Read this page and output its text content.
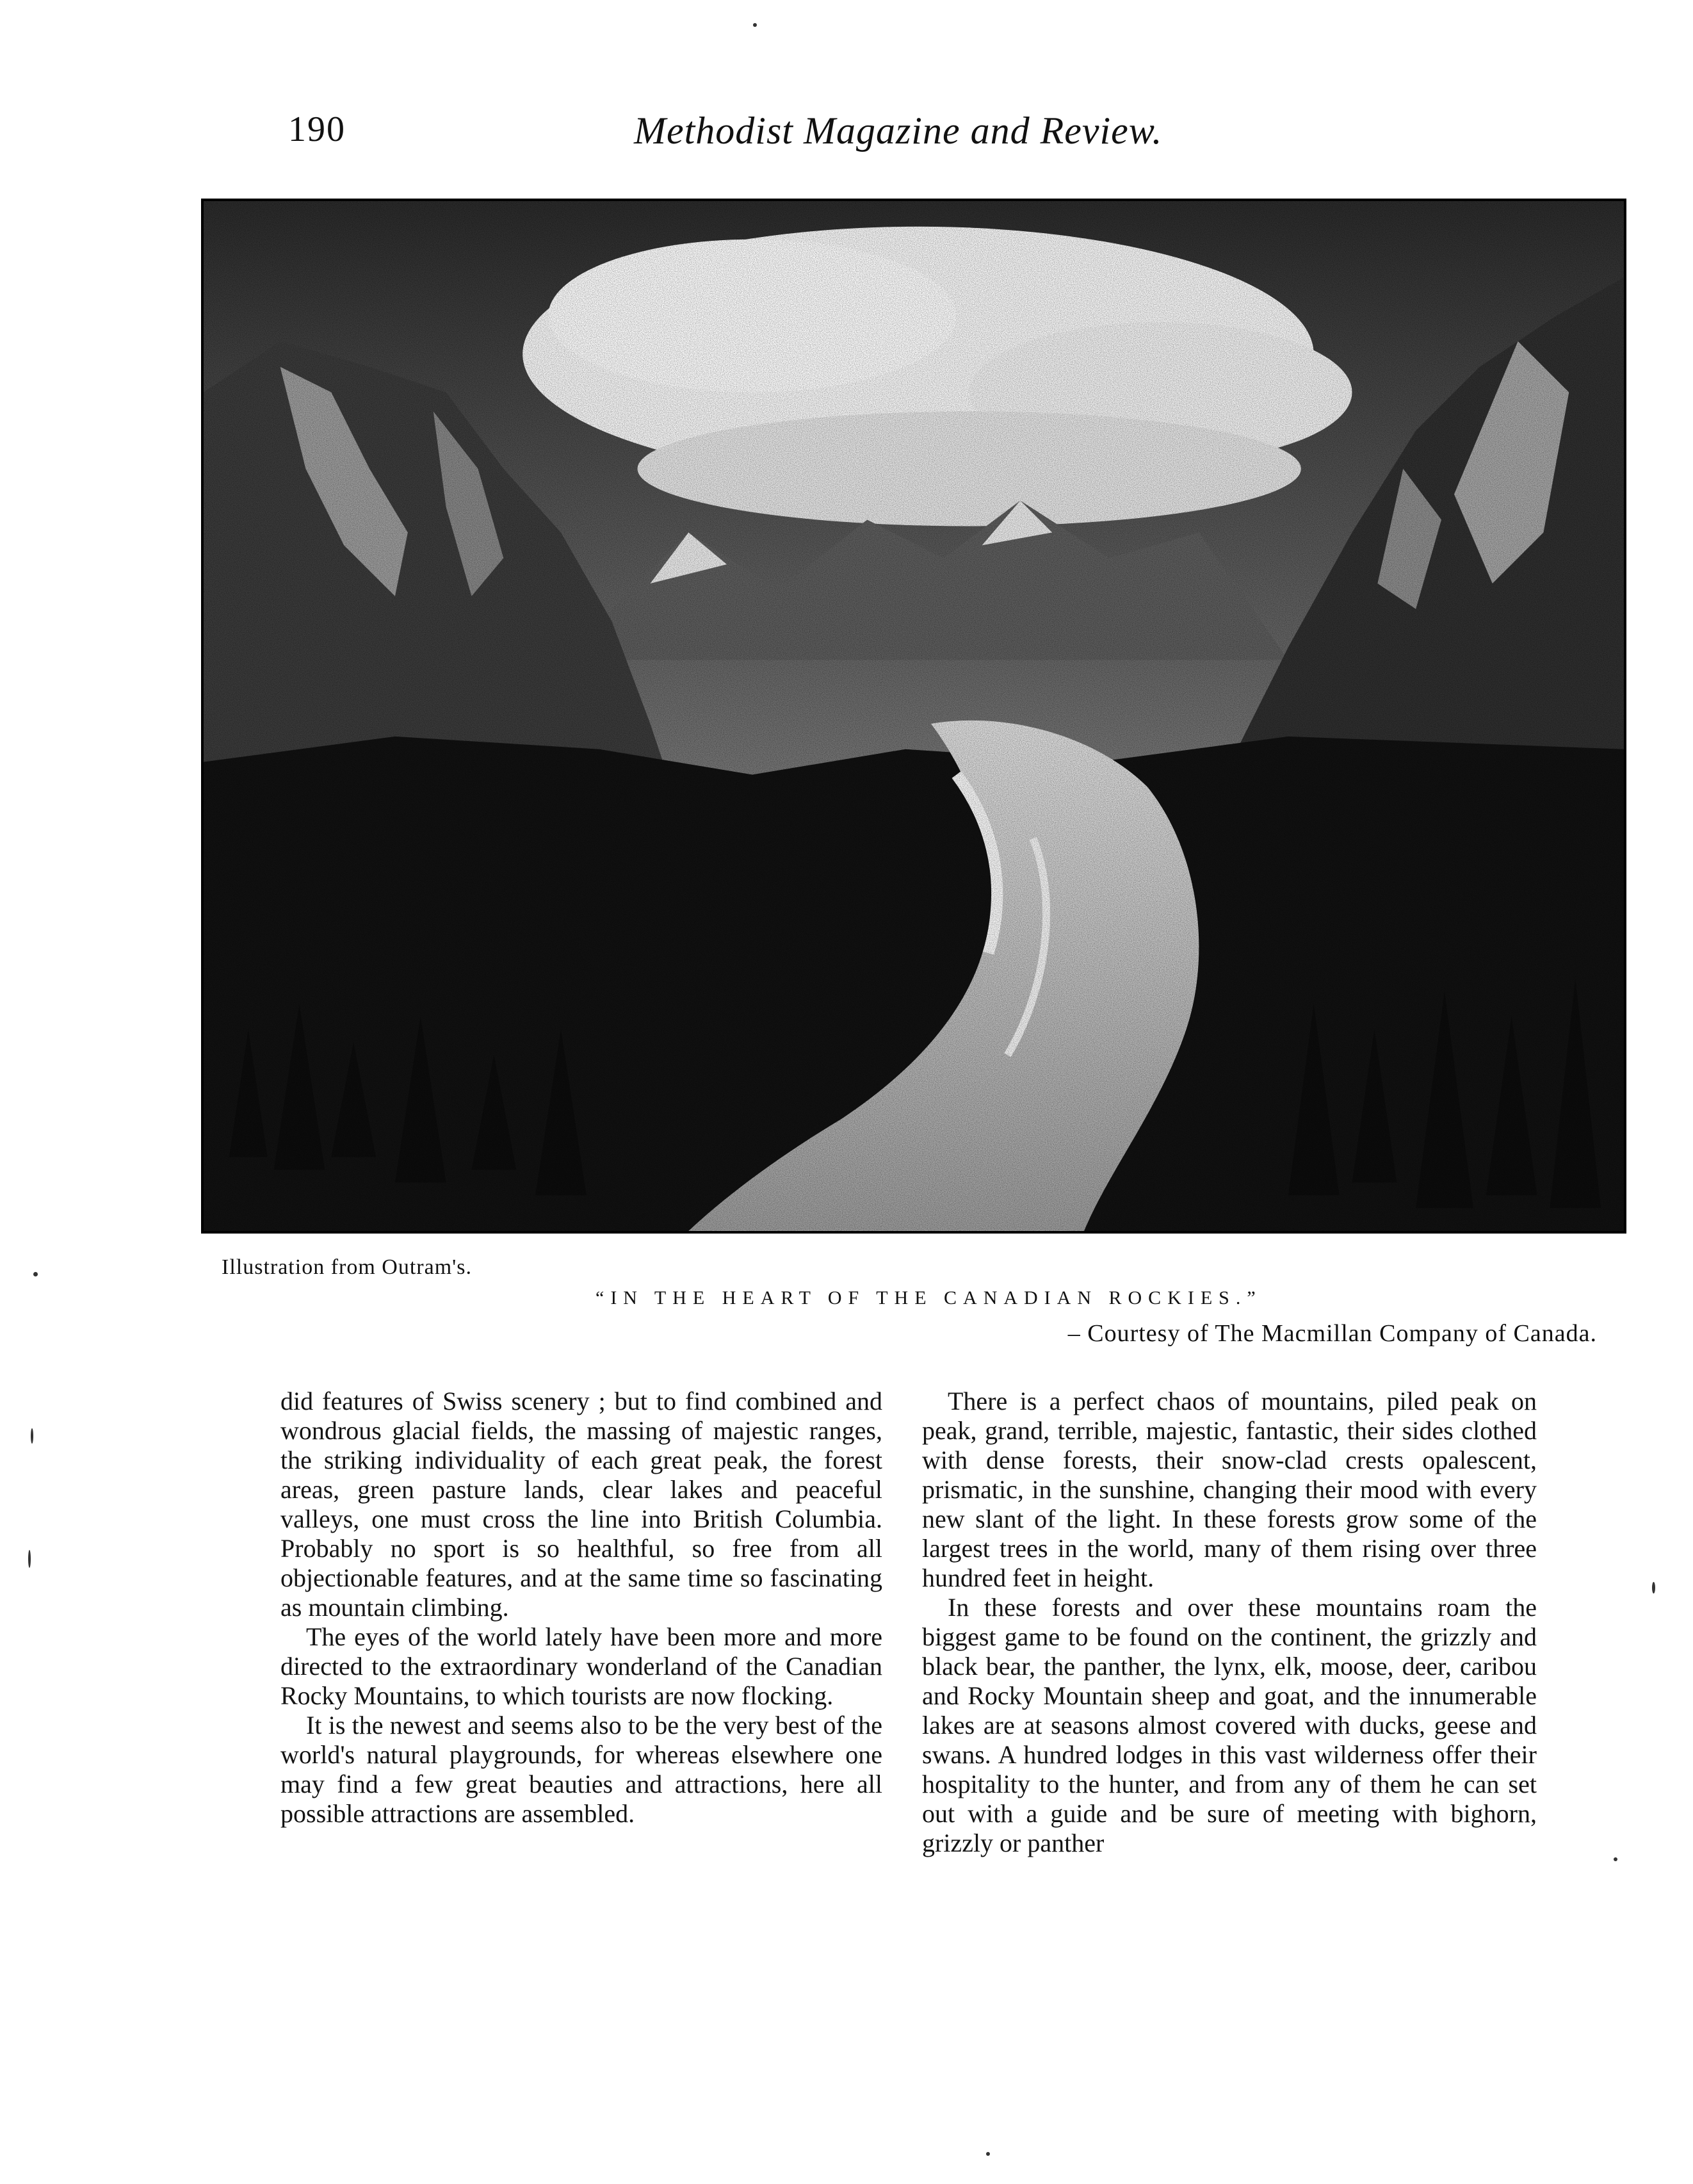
190	Methodist Magazine and Review.
Illustration from Outram's.
“IN THE HEART OF THE CANADIAN ROCKIES.”
– Courtesy of The Macmillan Company of Canada.

did features of Swiss scenery ; but to find combined and wondrous glacial fields, the massing of majestic ranges, the striking individuality of each great peak, the forest areas, green pasture lands, clear lakes and peaceful valleys, one must cross the line into British Columbia. Probably no sport is so healthful, so free from all objectionable features, and at the same time so fascinating as mountain climbing.

The eyes of the world lately have been more and more directed to the extraordinary wonderland of the Canadian Rocky Mountains, to which tourists are now flocking.

It is the newest and seems also to be the very best of the world's natural playgrounds, for whereas elsewhere one may find a few great beauties and attractions, here all possible attractions are assembled.

There is a perfect chaos of mountains, piled peak on peak, grand, terrible, majestic, fantastic, their sides clothed with dense forests, their snow-clad crests opalescent, prismatic, in the sunshine, changing their mood with every new slant of the light. In these forests grow some of the largest trees in the world, many of them rising over three hundred feet in height.

In these forests and over these mountains roam the biggest game to be found on the continent, the grizzly and black bear, the panther, the lynx, elk, moose, deer, caribou and Rocky Mountain sheep and goat, and the innumerable lakes are at seasons almost covered with ducks, geese and swans. A hundred lodges in this vast wilderness offer their hospitality to the hunter, and from any of them he can set out with a guide and be sure of meeting with bighorn, grizzly or panther
